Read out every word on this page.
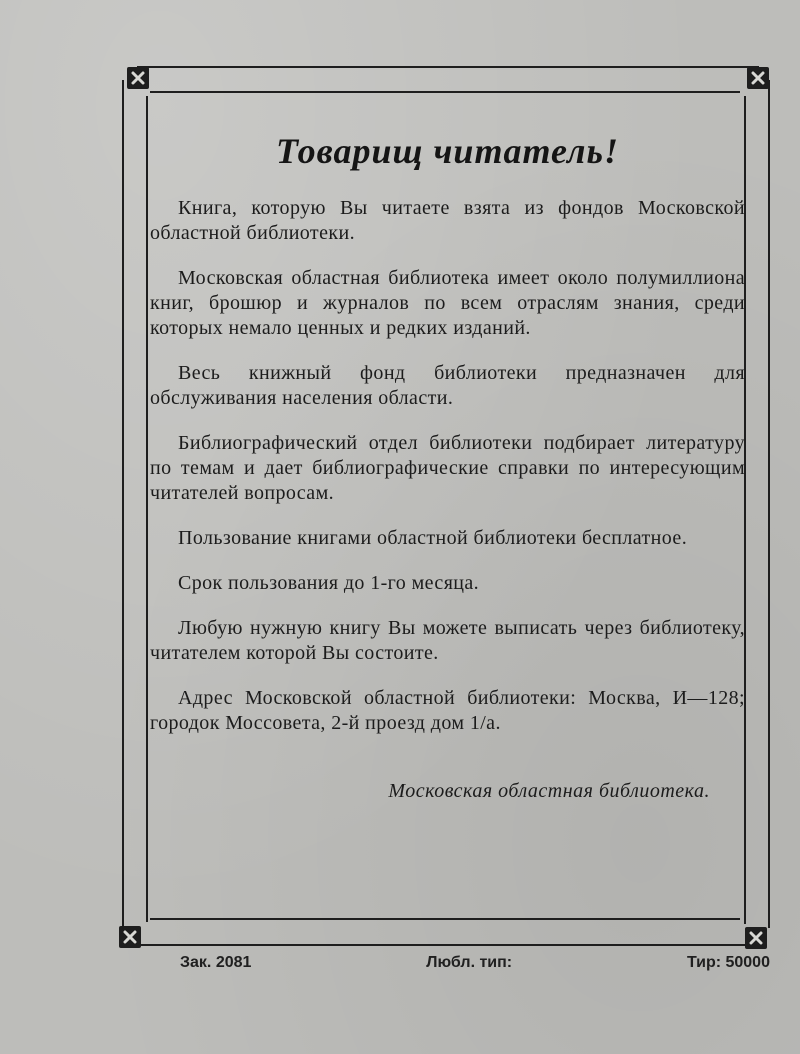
Товарищ читатель!

Книга, которую Вы читаете взята из фондов Московской областной библиотеки.

Московская областная библиотека имеет около полумиллиона книг, брошюр и журналов по всем отраслям знания, среди которых немало ценных и редких изданий.

Весь книжный фонд библиотеки предназначен для обслуживания населения области.

Библиографический отдел библиотеки подбирает литературу по темам и дает библиографические справки по интересующим читателей вопросам.

Пользование книгами областной библиотеки бесплатное.

Срок пользования до 1-го месяца.

Любую нужную книгу Вы можете выписать через библиотеку, читателем которой Вы состоите.

Адрес Московской областной библиотеки: Москва, И—128; городок Моссовета, 2-й проезд дом 1/а.

Московская областная библиотека.
Зак. 2081	Любл. тип:	Тир: 50000
